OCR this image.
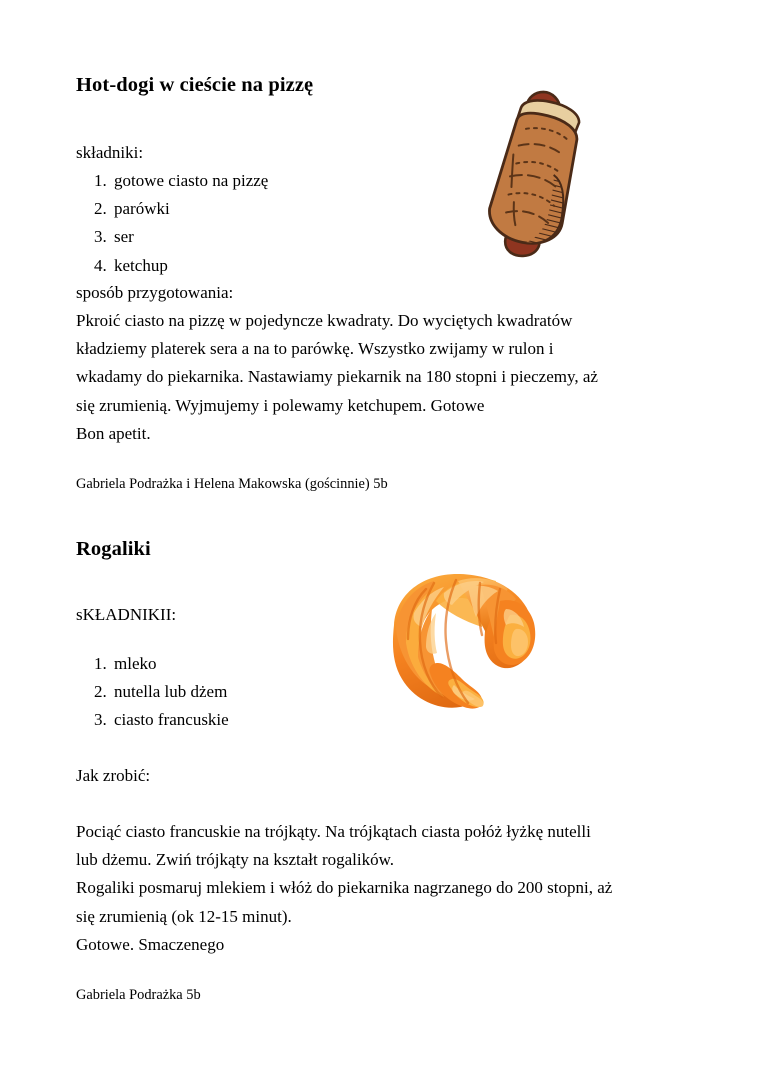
Hot-dogi w cieście na pizzę

składniki:

1. gotowe ciasto na pizzę
2. parówki
3. ser
4. ketchup

sposób przygotowania:

Pkroić ciasto na pizzę w pojedyncze kwadraty. Do wyciętych kwadratów

kładziemy platerek sera a na to parówkę. Wszystko zwijamy w rulon i

wkadamy do piekarnika. Nastawiamy piekarnik na 180 stopni i pieczemy, aż

się zrumienią. Wyjmujemy i polewamy ketchupem. Gotowe

Bon apetit.

Gabriela Podrażka i Helena Makowska (gościnnie) 5b

Rogaliki

sKŁADNIKII:

1. mleko
2. nutella lub dżem
3. ciasto francuskie

Jak zrobić:

Pociąć ciasto francuskie na trójkąty. Na trójkątach ciasta połóż łyżkę nutelli

lub dżemu. Zwiń trójkąty na kształt rogalików.

Rogaliki posmaruj mlekiem i włóż do piekarnika nagrzanego do 200 stopni, aż

się zrumienią (ok 12-15 minut).

Gotowe. Smaczenego

Gabriela Podrażka 5b
